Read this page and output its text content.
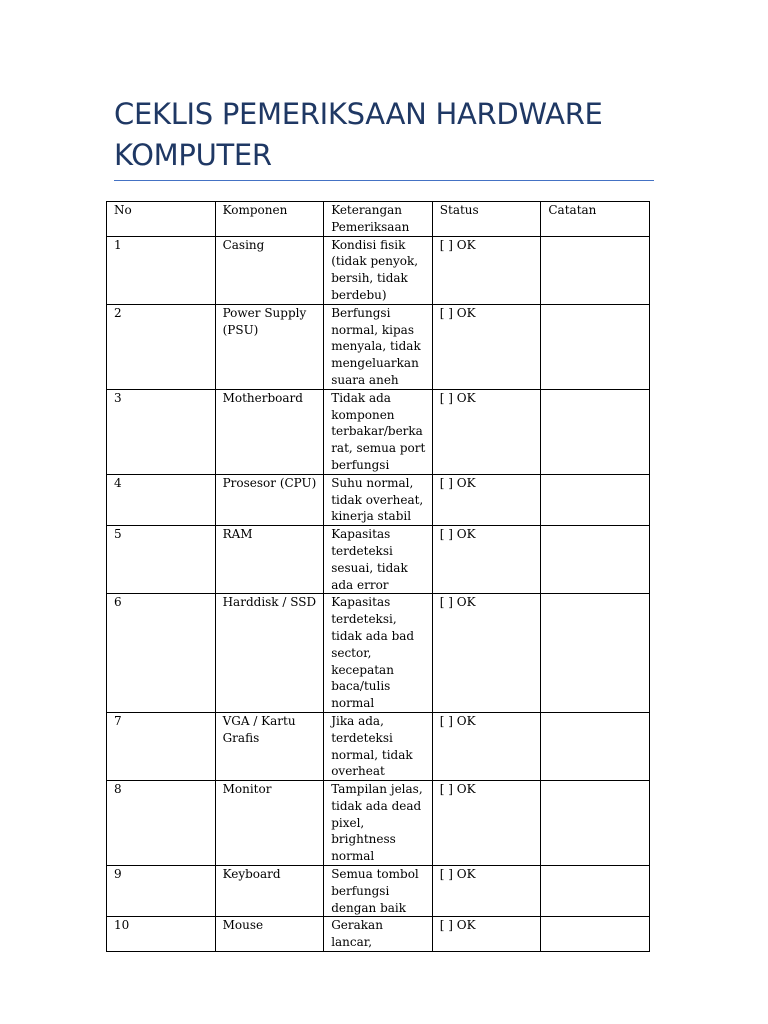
CEKLIS PEMERIKSAAN HARDWARE
KOMPUTER
No	Komponen	Keterangan Pemeriksaan	Status	Catatan
1	Casing	Kondisi fisik (tidak penyok, bersih, tidak berdebu)	[ ] OK	
2	Power Supply (PSU)	Berfungsi normal, kipas menyala, tidak mengeluarkan suara aneh	[ ] OK	
3	Motherboard	Tidak ada komponen terbakar/berka rat, semua port berfungsi	[ ] OK	
4	Prosesor (CPU)	Suhu normal, tidak overheat, kinerja stabil	[ ] OK	
5	RAM	Kapasitas terdeteksi sesuai, tidak ada error	[ ] OK	
6	Harddisk / SSD	Kapasitas terdeteksi, tidak ada bad sector, kecepatan baca/tulis normal	[ ] OK	
7	VGA / Kartu Grafis	Jika ada, terdeteksi normal, tidak overheat	[ ] OK	
8	Monitor	Tampilan jelas, tidak ada dead pixel, brightness normal	[ ] OK	
9	Keyboard	Semua tombol berfungsi dengan baik	[ ] OK	
10	Mouse	Gerakan lancar,	[ ] OK	
